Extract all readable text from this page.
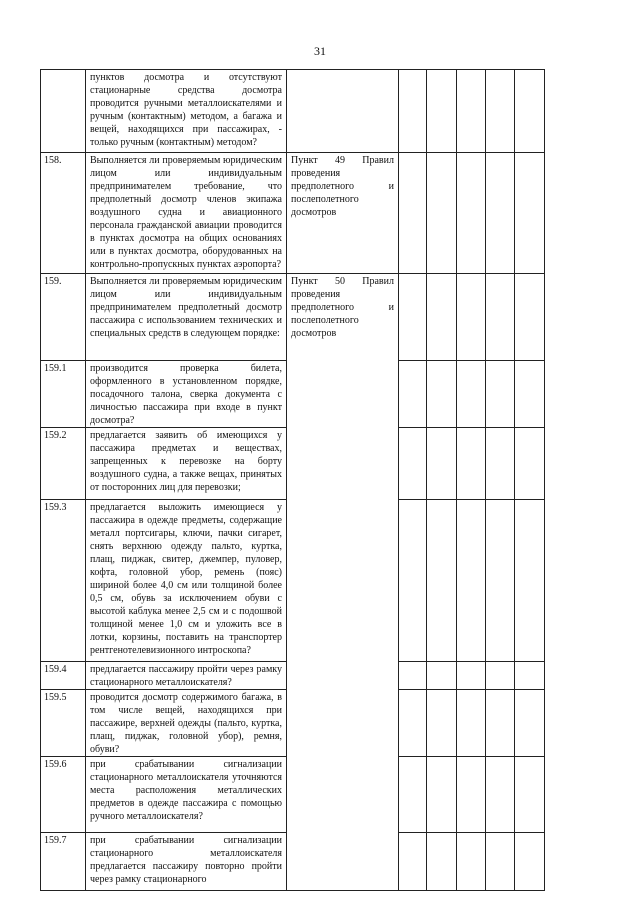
31
	пунктов досмотра и отсутствуют стационарные средства досмотра проводится ручными металлоискателями и ручным (контактным) методом, а багажа и вещей, находящихся при пассажирах, - только ручным (контактным) методом?						
158.	Выполняется ли проверяемым юридическим лицом или индивидуальным предпринимателем требование, что предполетный досмотр членов экипажа воздушного судна и авиационного персонала гражданской авиации проводится в пунктах досмотра на общих основаниях или в пунктах досмотра, оборудованных на контрольно-пропускных пунктах аэропорта?	Пункт 49 Правил проведения предполетного и послеполетного досмотров					
159.	Выполняется ли проверяемым юридическим лицом или индивидуальным предпринимателем предполетный досмотр пассажира с использованием технических и специальных средств в следующем порядке:	Пункт 50 Правил проведения предполетного и послеполетного досмотров					
159.1	производится проверка билета, оформленного в установленном порядке, посадочного талона, сверка документа с личностью пассажира при входе в пункт досмотра?						
159.2	предлагается заявить об имеющихся у пассажира предметах и веществах, запрещенных к перевозке на борту воздушного судна, а также вещах, принятых от посторонних лиц для перевозки;						
159.3	предлагается выложить имеющиеся у пассажира в одежде предметы, содержащие металл портсигары, ключи, пачки сигарет, снять верхнюю одежду пальто, куртка, плащ, пиджак, свитер, джемпер, пуловер, кофта, головной убор, ремень (пояс) шириной более 4,0 см или толщиной более 0,5 см, обувь за исключением обуви с высотой каблука менее 2,5 см и с подошвой толщиной менее 1,0 см и уложить все в лотки, корзины, поставить на транспортер рентгенотелевизионного интроскопа?						
159.4	предлагается пассажиру пройти через рамку стационарного металлоискателя?						
159.5	проводится досмотр содержимого багажа, в том числе вещей, находящихся при пассажире, верхней одежды (пальто, куртка, плащ, пиджак, головной убор), ремня, обуви?						
159.6	при срабатывании сигнализации стационарного металлоискателя уточняются места расположения металлических предметов в одежде пассажира с помощью ручного металлоискателя?						
159.7	при срабатывании сигнализации стационарного металлоискателя предлагается пассажиру повторно пройти через рамку стационарного						
